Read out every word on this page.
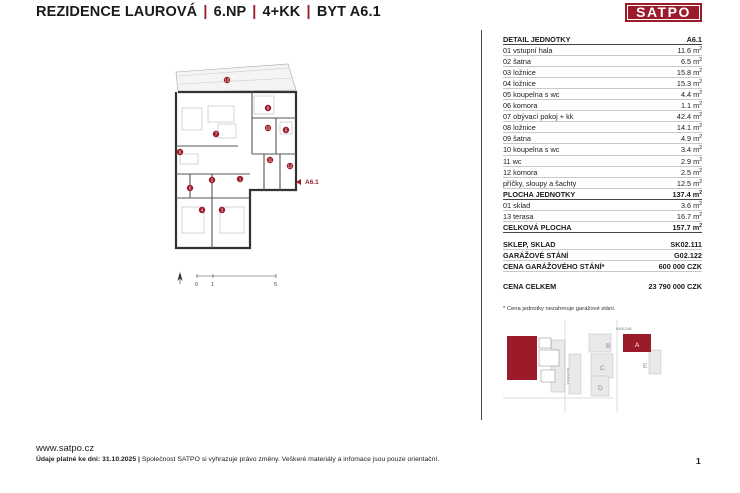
REZIDENCE LAUROVÁ | 6.NP | 4+KK | BYT A6.1	SATPO
13
8
7
10	9
6
11
12
2	1
5
4	3
A6.1
0 1	5
DETAIL JEDNOTKY	A6.1
01 vstupní hala	11.6 $m^2$
02 šatna	6.5 $m^2$
03 ložnice	15.8 $m^2$
04 ložnice	15.3 $m^2$
05 koupelna s wc	4.4 $m^2$
06 komora	1.1 $m^2$
07 obývací pokoj + kk	42.4 $m^2$
08 ložnice	14.1 $m^2$
09 šatna	4.9 $m^2$
10 koupelna s wc	3.4 $m^2$
11 wc	2.9 $m^2$
12 komora	2.5 $m^2$
příčky, sloupy a šachty	12.5 $m^2$
PLOCHA JEDNOTKY	137.4 $m^2$
01 sklad	3.6 $m^2$
13 terasa	16.7 $m^2$
CELKOVÁ PLOCHA	157.7 $m^2$
SKLEP, SKLAD	SK02.111
GARÁŽOVÉ STÁNÍ	G02.122
CENA GARÁŽOVÉHO STÁNÍ*	600 000 CZK
CENA CELKEM	23 790 000 CZK
* Cena jednotky nezahrnuje garážové stání.
B
C
D
E
A
KAISLOVA
MILOVICKÁ
www.satpo.cz
Údaje platné ke dni: 31.10.2025 | Společnost SATPO si vyhrazuje právo změny. Veškeré materiály a infomace jsou pouze orientační.	1
